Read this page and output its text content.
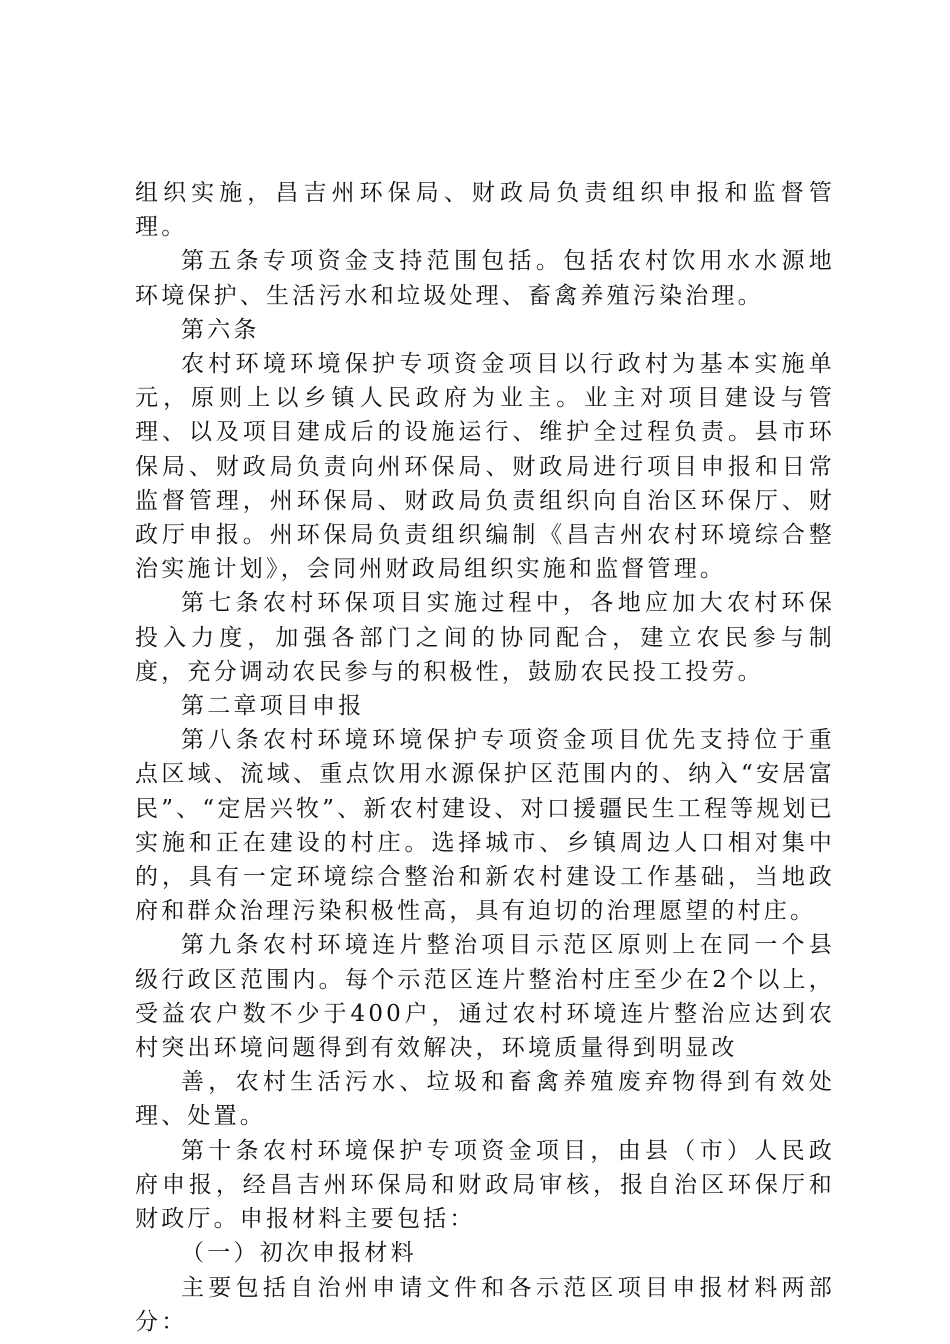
组织实施，昌吉州环保局、财政局负责组织申报和监督管理。

第五条专项资金支持范围包括。包括农村饮用水水源地环境保护、生活污水和垃圾处理、畜禽养殖污染治理。

第六条

农村环境环境保护专项资金项目以行政村为基本实施单元，原则上以乡镇人民政府为业主。业主对项目建设与管理、以及项目建成后的设施运行、维护全过程负责。县市环保局、财政局负责向州环保局、财政局进行项目申报和日常监督管理，州环保局、财政局负责组织向自治区环保厅、财政厅申报。州环保局负责组织编制《昌吉州农村环境综合整治实施计划》，会同州财政局组织实施和监督管理。

第七条农村环保项目实施过程中，各地应加大农村环保投入力度，加强各部门之间的协同配合，建立农民参与制度，充分调动农民参与的积极性，鼓励农民投工投劳。

第二章项目申报

第八条农村环境环境保护专项资金项目优先支持位于重点区域、流域、重点饮用水源保护区范围内的、纳入“安居富民”、“定居兴牧”、新农村建设、对口援疆民生工程等规划已实施和正在建设的村庄。选择城市、乡镇周边人口相对集中的，具有一定环境综合整治和新农村建设工作基础，当地政府和群众治理污染积极性高，具有迫切的治理愿望的村庄。

第九条农村环境连片整治项目示范区原则上在同一个县级行政区范围内。每个示范区连片整治村庄至少在2个以上，受益农户数不少于400户，通过农村环境连片整治应达到农村突出环境问题得到有效解决，环境质量得到明显改

善，农村生活污水、垃圾和畜禽养殖废弃物得到有效处理、处置。

第十条农村环境保护专项资金项目，由县（市）人民政府申报，经昌吉州环保局和财政局审核，报自治区环保厅和财政厅。申报材料主要包括：

（一）初次申报材料

主要包括自治州申请文件和各示范区项目申报材料两部分：
